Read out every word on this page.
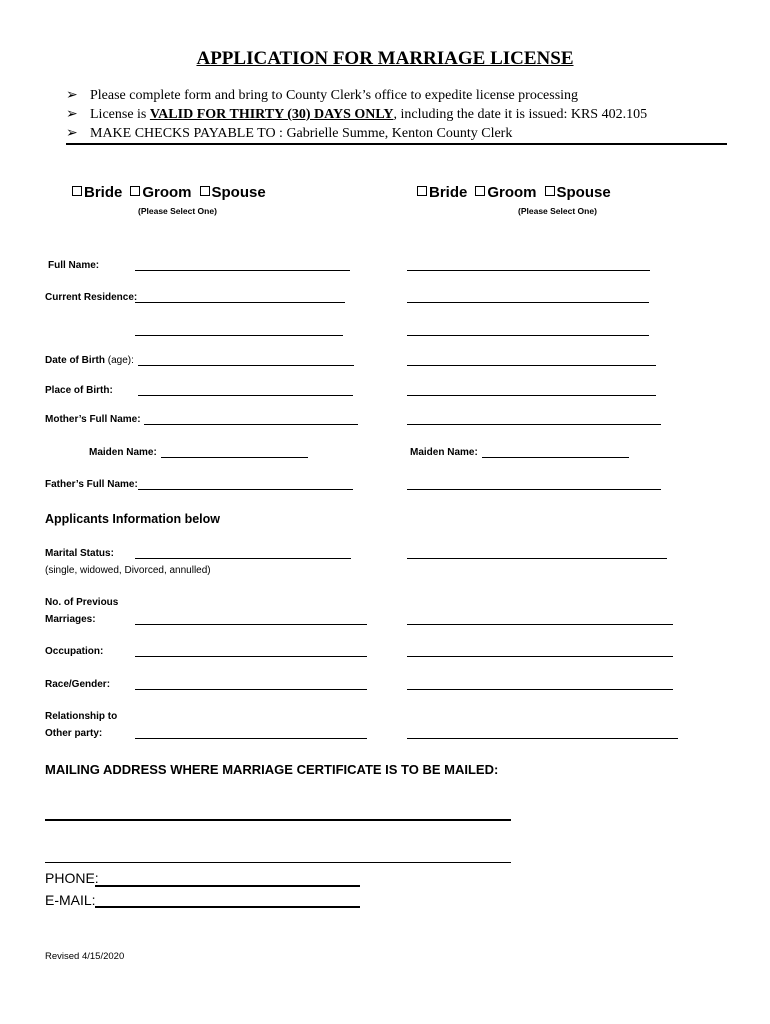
APPLICATION FOR MARRIAGE LICENSE
➢ Please complete form and bring to County Clerk’s office to expedite license processing
➢ License is VALID FOR THIRTY (30) DAYS ONLY, including the date it is issued: KRS 402.105
➢ MAKE CHECKS PAYABLE TO : Gabrielle Summe, Kenton County Clerk
Bride Groom Spouse
(Please Select One)
Bride Groom Spouse
(Please Select One)
Full Name:
Current Residence:
Date of Birth (age):
Place of Birth:
Mother’s Full Name:
Maiden Name:	Maiden Name:
Father’s Full Name:
Applicants Information below
Marital Status:
(single, widowed, Divorced, annulled)
No. of Previous
Marriages:
Occupation:
Race/Gender:
Relationship to
Other party:
MAILING ADDRESS WHERE MARRIAGE CERTIFICATE IS TO BE MAILED:
PHONE:
E-MAIL:
Revised 4/15/2020
